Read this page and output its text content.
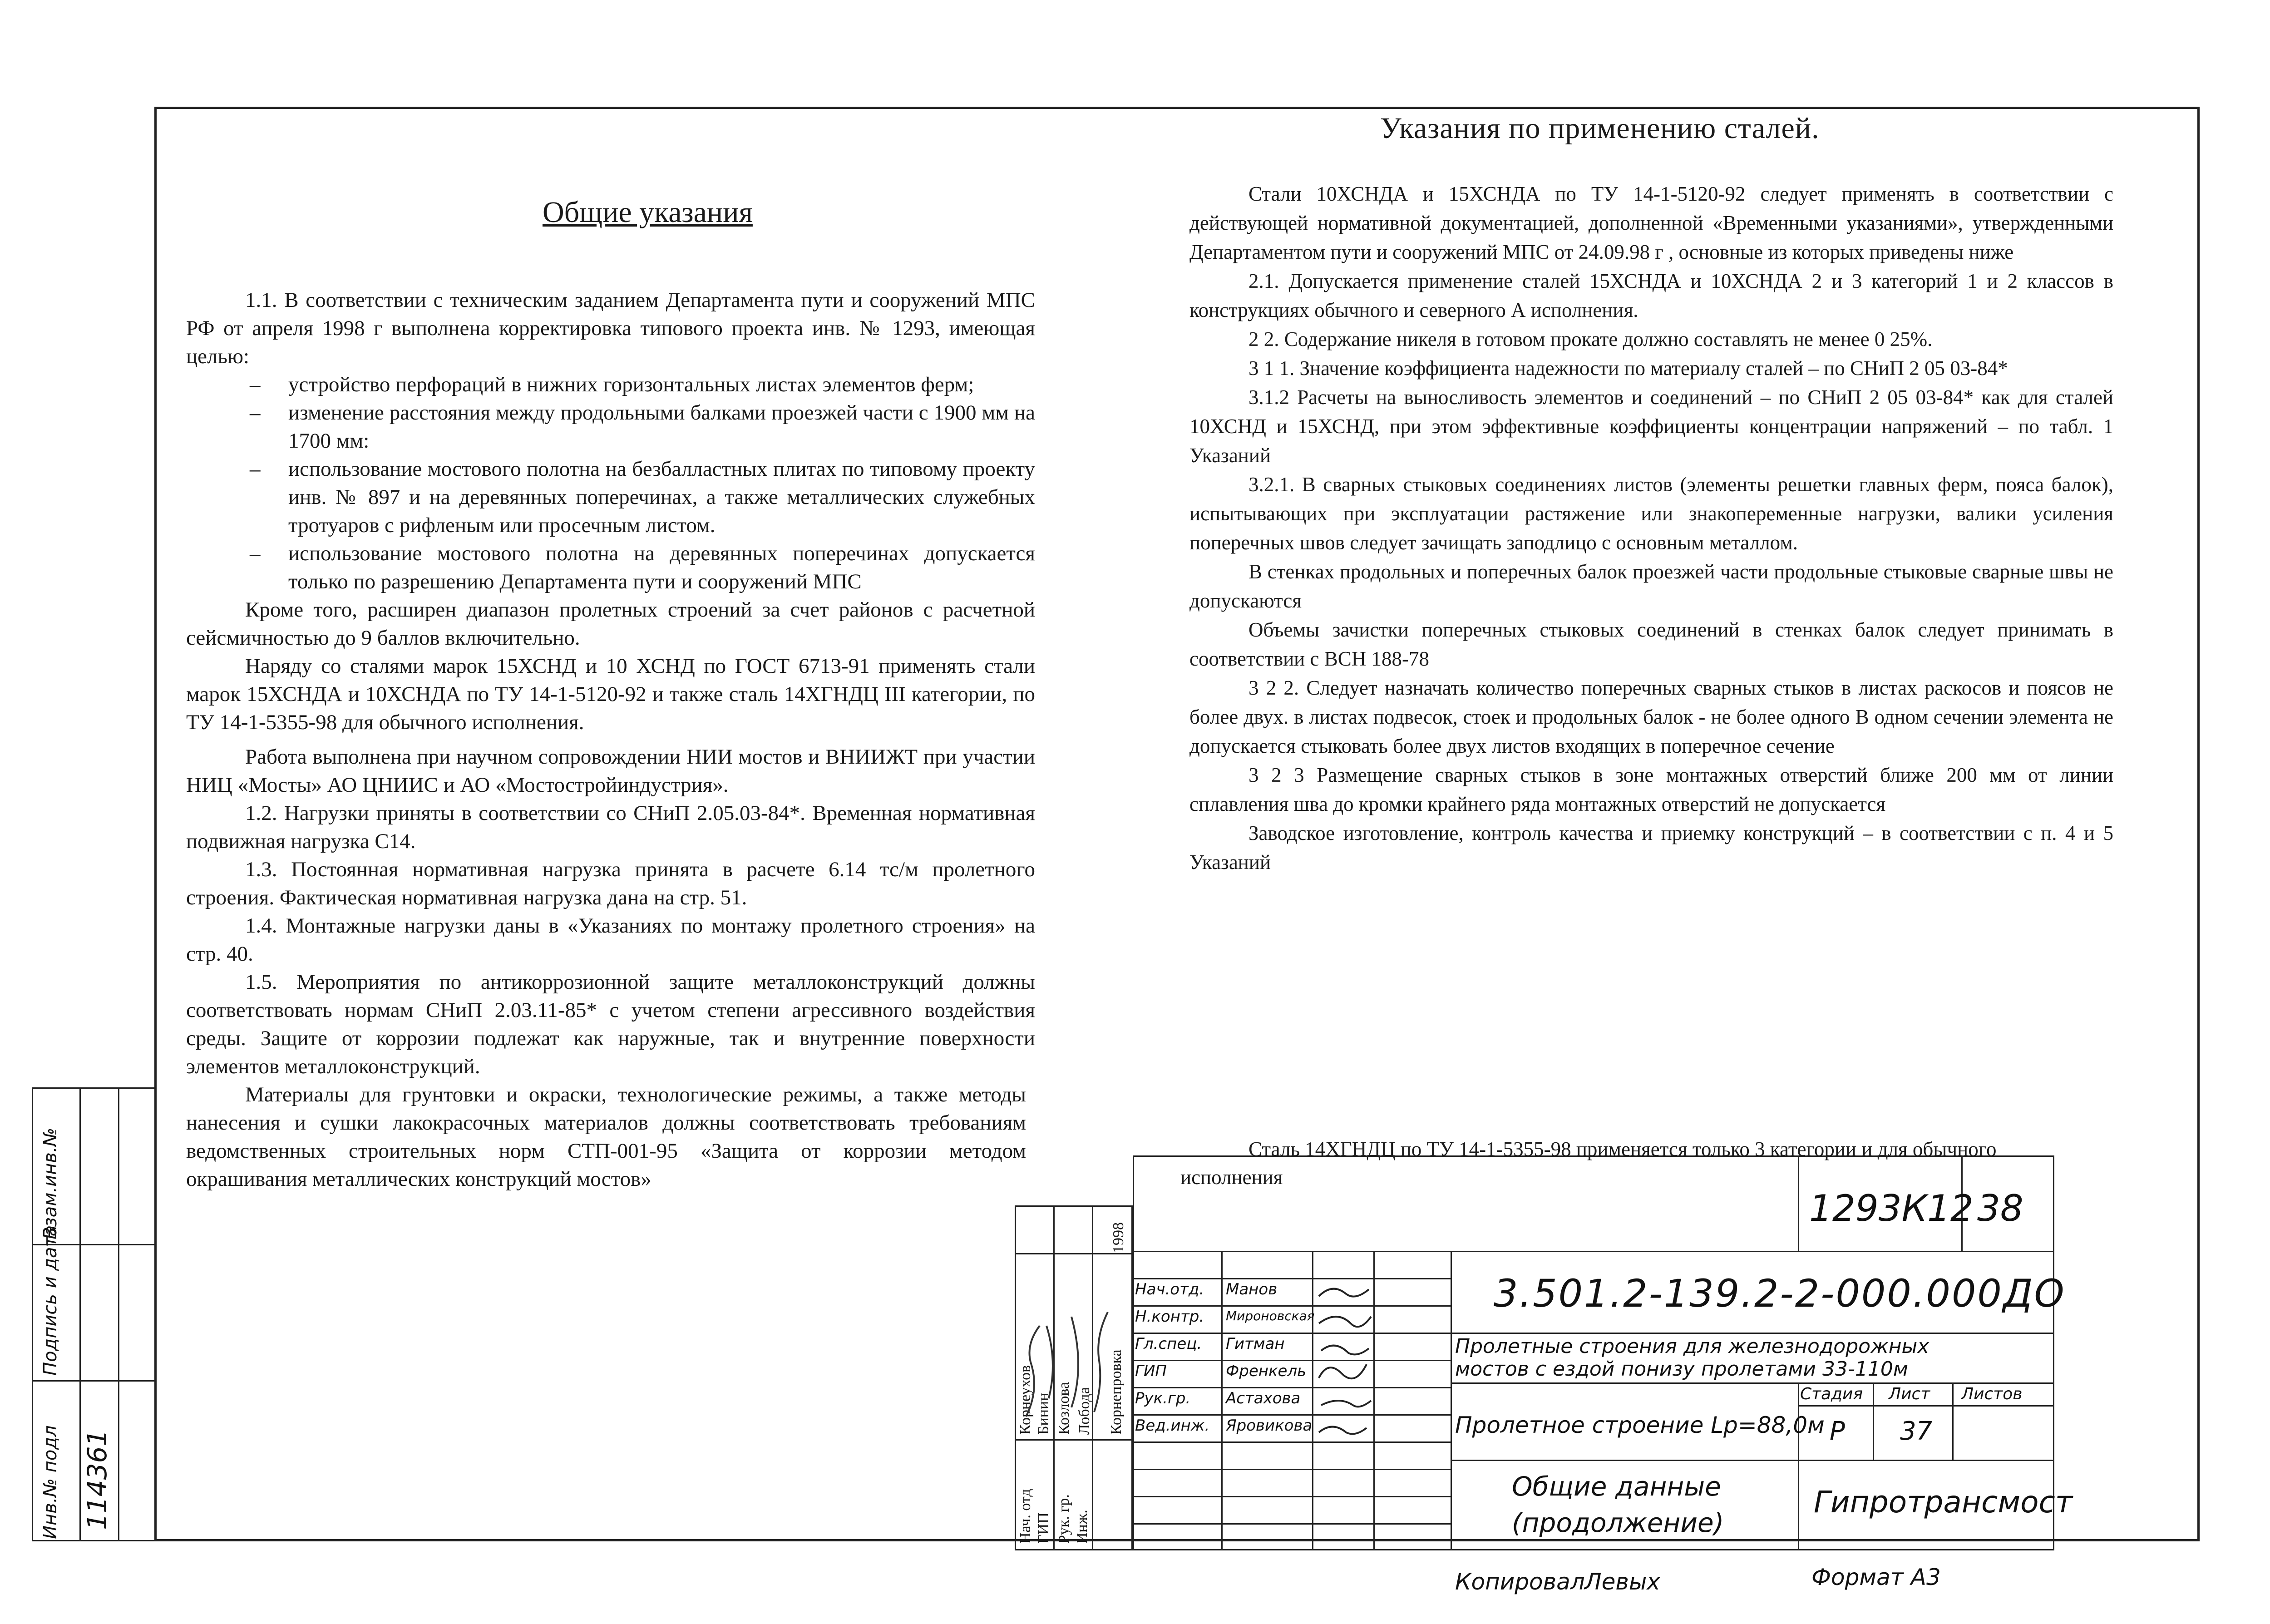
Указания по применению сталей.
Общие указания

1.1. В соответствии с техническим заданием Департамента пути и сооружений МПС РФ от апреля 1998 г выполнена корректировка типового проекта инв. № 1293, имеющая целью:

– устройство перфораций в нижних горизонтальных листах элементов ферм;

– изменение расстояния между продольными балками проезжей части с 1900 мм на 1700 мм:

– использование мостового полотна на безбалластных плитах по типовому проекту инв. № 897 и на деревянных поперечинах, а также металлических служебных тротуаров с рифленым или просечным листом.

– использование мостового полотна на деревянных поперечинах допускается только по разрешению Департамента пути и сооружений МПС

Кроме того, расширен диапазон пролетных строений за счет районов с расчетной сейсмичностью до 9 баллов включительно.

Наряду со сталями марок 15ХСНД и 10 ХСНД по ГОСТ 6713-91 применять стали марок 15ХСНДА и 10ХСНДА по ТУ 14-1-5120-92 и также сталь 14ХГНДЦ III категории, по ТУ 14-1-5355-98 для обычного исполнения.

Работа выполнена при научном сопровождении НИИ мостов и ВНИИЖТ при участии НИЦ «Мосты» АО ЦНИИС и АО «Мостостройиндустрия».

1.2. Нагрузки приняты в соответствии со СНиП 2.05.03-84*. Временная нормативная подвижная нагрузка С14.

1.3. Постоянная нормативная нагрузка принята в расчете 6.14 тс/м пролетного строения. Фактическая нормативная нагрузка дана на стр. 51.

1.4. Монтажные нагрузки даны в «Указаниях по монтажу пролетного строения» на стр. 40.

1.5. Мероприятия по антикоррозионной защите металлоконструкций должны соответствовать нормам СНиП 2.03.11-85* с учетом степени агрессивного воздействия среды. Защите от коррозии подлежат как наружные, так и внутренние поверхности элементов металлоконструкций.

Материалы для грунтовки и окраски, технологические режимы, а также методы нанесения и сушки лакокрасочных материалов должны соответствовать требованиям ведомственных строительных норм СТП-001-95 «Защита от коррозии методом окрашивания металлических конструкций мостов»

Стали 10ХСНДА и 15ХСНДА по ТУ 14-1-5120-92 следует применять в соответствии с действующей нормативной документацией, дополненной «Временными указаниями», утвержденными Департаментом пути и сооружений МПС от 24.09.98 г , основные из которых приведены ниже

2.1. Допускается применение сталей 15ХСНДА и 10ХСНДА 2 и 3 категорий 1 и 2 классов в конструкциях обычного и северного А исполнения.

2 2. Содержание никеля в готовом прокате должно составлять не менее 0 25%.

3 1 1. Значение коэффициента надежности по материалу сталей – по СНиП 2 05 03-84*

3.1.2 Расчеты на выносливость элементов и соединений – по СНиП 2 05 03-84* как для сталей 10ХСНД и 15ХСНД, при этом эффективные коэффициенты концентрации напряжений – по табл. 1 Указаний

3.2.1. В сварных стыковых соединениях листов (элементы решетки главных ферм, пояса балок), испытывающих при эксплуатации растяжение или знакопеременные нагрузки, валики усиления поперечных швов следует зачищать заподлицо с основным металлом.

В стенках продольных и поперечных балок проезжей части продольные стыковые сварные швы не допускаются

Объемы зачистки поперечных стыковых соединений в стенках балок следует принимать в соответствии с ВСН 188-78

3 2 2. Следует назначать количество поперечных сварных стыков в листах раскосов и поясов не более двух. в листах подвесок, стоек и продольных балок - не более одного В одном сечении элемента не допускается стыковать более двух листов входящих в поперечное сечение

3 2 3 Размещение сварных стыков в зоне монтажных отверстий ближе 200 мм от линии сплавления шва до кромки крайнего ряда монтажных отверстий не допускается

Заводское изготовление, контроль качества и приемку конструкций – в соответствии с п. 4 и 5 Указаний

Сталь 14ХГНДЦ по ТУ 14-1-5355-98 применяется только 3 категории и для обычного исполнения
Инв.№ подл 114361
Подпись и дата
Взам.инв.№	1998
Нач. отд
Корнеухов
ГИП
Бинин
Рук. гр.
Козлова
Инж.
Корнепровка
Лобода
1293К 12 38
Нач.отд.
Н.контр.
Гл.спец.
ГИП
Рук.гр.
Вед.инж.
Манов
Мироновская
Гитман
Френкель
Астахова
Яровикова
3.501.2-139.2-2-000.000ДО
Пролетные строения для железнодорожных
мостов с ездой понизу пролетами 33-110м
Пролетное строение Lp=88,0м
Стадия Лист Листов
Р 37
Общие данные
(продолжение)
Гипротрансмост
Копировал Левых	Формат А3
